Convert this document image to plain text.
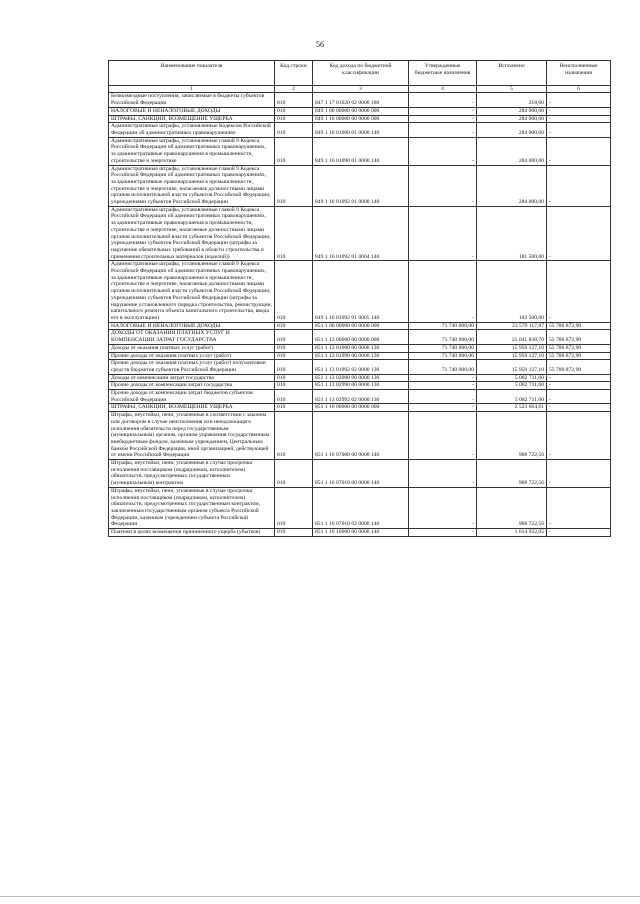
56
Наименование показателя	Код строки	Код дохода по бюджетной классификации	Утвержденные бюджетные назначения	Исполнено	Неисполненные назначения
1	2	3	4	5	6
Безвозмездные поступления, зачисляемые в бюджеты субъектов Российской Федерации	010	847 1 17 01020 02 0000 180	-	218,00	-
НАЛОГОВЫЕ И НЕНАЛОГОВЫЕ ДОХОДЫ	010	849 1 00 00000 00 0000 000	-	284 000,00	-
ШТРАФЫ, САНКЦИИ, ВОЗМЕЩЕНИЕ УЩЕРБА	010	849 1 16 00000 00 0000 000	-	284 000,00	-
Административные штрафы, установленные Кодексом Российской Федерации об административных правонарушениях	010	849 1 16 01000 01 0000 140	-	284 000,00	-
Административные штрафы, установленные главой 9 Кодекса Российской Федерации об административных правонарушениях, за административные правонарушения в промышленности, строительстве и энергетике	010	849 1 16 01090 01 0000 140	-	284 000,00	-
Административные штрафы, установленные главой 9 Кодекса Российской Федерации об административных правонарушениях, за административные правонарушения в промышленности, строительстве и энергетике, налагаемые должностными лицами органов исполнительной власти субъектов Российской Федерации, учреждениями субъектов Российской Федерации	010	849 1 16 01092 01 0000 140	-	284 000,00	-
Административные штрафы, установленные главой 9 Кодекса Российской Федерации об административных правонарушениях, за административные правонарушения в промышленности, строительстве и энергетике, налагаемые должностными лицами органов исполнительной власти субъектов Российской Федерации, учреждениями субъектов Российской Федерации (штрафы за нарушение обязательных требований в области строительства и применения строительных материалов (изделий))	010	849 1 16 01092 01 0004 140	-	181 500,00	-
Административные штрафы, установленные главой 9 Кодекса Российской Федерации об административных правонарушениях, за административные правонарушения в промышленности, строительстве и энергетике, налагаемые должностными лицами органов исполнительной власти субъектов Российской Федерации, учреждениями субъектов Российской Федерации (штрафы за нарушение установленного порядка строительства, реконструкции, капитального ремонта объекта капитального строительства, ввода его в эксплуатацию)	010	849 1 16 01092 01 0005 140	-	102 500,00	-
НАЛОГОВЫЕ И НЕНАЛОГОВЫЕ ДОХОДЫ	010	851 1 00 00000 00 0000 000	71 740 000,00	23 579 117,87	55 780 872,90
ДОХОДЫ ОТ ОКАЗАНИЯ ПЛАТНЫХ УСЛУГ И КОМПЕНСАЦИИ ЗАТРАТ ГОСУДАРСТВА	010	851 1 13 00000 00 0000 000	71 740 000,00	21 041 838,70	55 780 872,90
Доходы от оказания платных услуг (работ)	010	851 1 13 01000 00 0000 130	71 740 000,00	15 959 127,10	55 780 872,90
Прочие доходы от оказания платных услуг (работ)	010	851 1 13 01990 00 0000 130	71 740 000,00	15 959 127,10	55 780 872,90
Прочие доходы от оказания платных услуг (работ) получателями средств бюджетов субъектов Российской Федерации	010	851 1 13 01992 02 0000 130	71 740 000,00	15 959 127,10	55 780 872,90
Доходы от компенсации затрат государства	010	851 1 13 02000 00 0000 130	-	5 082 711,60	-
Прочие доходы от компенсации затрат государства	010	851 1 13 02990 00 0000 130	-	5 082 711,60	-
Прочие доходы от компенсации затрат бюджетов субъектов Российской Федерации	010	851 1 13 02992 02 0000 130	-	5 082 711,60	-
ШТРАФЫ, САНКЦИИ, ВОЗМЕЩЕНИЕ УЩЕРБА	010	851 1 16 00000 00 0000 000	-	2 523 664,61	-
Штрафы, неустойки, пени, уплаченные в соответствии с законом или договором в случае неисполнения или ненадлежащего исполнения обязательств перед государственным (муниципальным) органом, органом управления государственным внебюджетным фондом, казенным учреждением, Центральным банком Российской Федерации, иной организацией, действующей от имени Российской Федерации	010	851 1 16 07000 00 0000 140	-	908 722,56	-
Штрафы, неустойки, пени, уплаченные в случае просрочки исполнения поставщиком (подрядчиком, исполнителем) обязательств, предусмотренных государственным (муниципальным) контрактом	010	851 1 16 07010 00 0000 140	-	908 722,56	-
Штрафы, неустойки, пени, уплаченные в случае просрочки исполнения поставщиком (подрядчиком, исполнителем) обязательств, предусмотренных государственным контрактом, заключенным государственным органом субъекта Российской Федерации, казенным учреждением субъекта Российской Федерации	010	851 1 16 07010 02 0000 140	-	908 722,56	-
Платежи в целях возмещения причиненного ущерба (убытков)	010	851 1 16 10000 00 0000 140	-	1 614 922,05	-
